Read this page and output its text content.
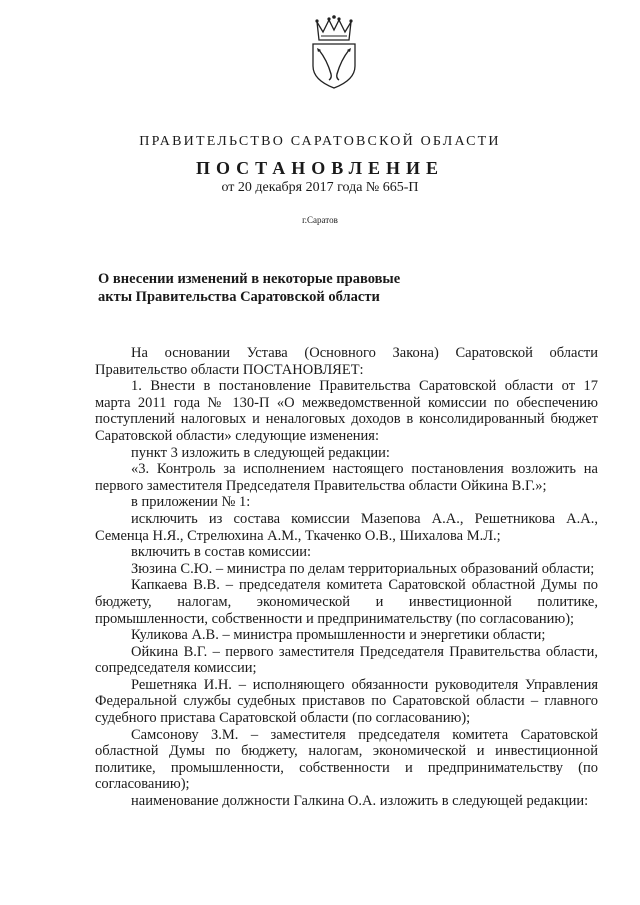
ПРАВИТЕЛЬСТВО САРАТОВСКОЙ ОБЛАСТИ
ПОСТАНОВЛЕНИЕ
от 20 декабря 2017 года № 665-П
г.Саратов
О внесении изменений в некоторые правовые
акты Правительства Саратовской области

На основании Устава (Основного Закона) Саратовской области Правительство области ПОСТАНОВЛЯЕТ:

1. Внести в постановление Правительства Саратовской области от 17 марта 2011 года № 130-П «О межведомственной комиссии по обеспечению поступлений налоговых и неналоговых доходов в консолидированный бюджет Саратовской области» следующие изменения:

пункт 3 изложить в следующей редакции:

«3. Контроль за исполнением настоящего постановления возложить на первого заместителя Председателя Правительства области Ойкина В.Г.»;

в приложении № 1:

исключить из состава комиссии Мазепова А.А., Решетникова А.А., Семенца Н.Я., Стрелюхина А.М., Ткаченко О.В., Шихалова М.Л.;

включить в состав комиссии:

Зюзина С.Ю. – министра по делам территориальных образований области;

Капкаева В.В. – председателя комитета Саратовской областной Думы по бюджету, налогам, экономической и инвестиционной политике, промышленности, собственности и предпринимательству (по согласованию);

Куликова А.В. – министра промышленности и энергетики области;

Ойкина В.Г. – первого заместителя Председателя Правительства области, сопредседателя комиссии;

Решетняка И.Н. – исполняющего обязанности руководителя Управления Федеральной службы судебных приставов по Саратовской области – главного судебного пристава Саратовской области (по согласованию);

Самсонову З.М. – заместителя председателя комитета Саратовской областной Думы по бюджету, налогам, экономической и инвестиционной политике, промышленности, собственности и предпринимательству (по согласованию);

наименование должности Галкина О.А. изложить в следующей редакции:
